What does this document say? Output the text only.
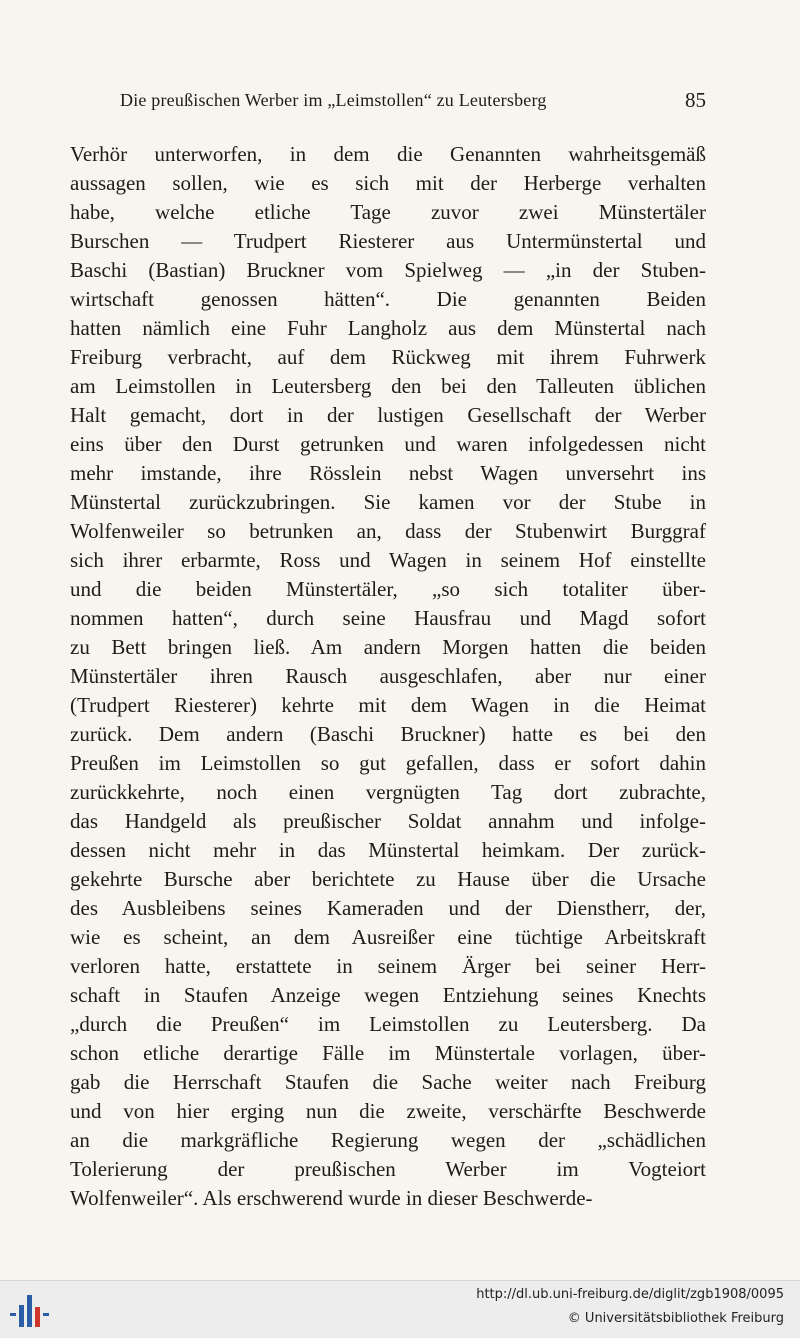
Die preußischen Werber im „Leimstollen“ zu Leutersberg	85
Verhör unterworfen, in dem die Genannten wahrheitsgemäß
aussagen sollen, wie es sich mit der Herberge verhalten
habe, welche etliche Tage zuvor zwei Münstertäler
Burschen — Trudpert Riesterer aus Untermünstertal und
Baschi (Bastian) Bruckner vom Spielweg — „in der Stuben-
wirtschaft genossen hätten“. Die genannten Beiden
hatten nämlich eine Fuhr Langholz aus dem Münstertal nach
Freiburg verbracht, auf dem Rückweg mit ihrem Fuhrwerk
am Leimstollen in Leutersberg den bei den Talleuten üblichen
Halt gemacht, dort in der lustigen Gesellschaft der Werber
eins über den Durst getrunken und waren infolgedessen nicht
mehr imstande, ihre Rösslein nebst Wagen unversehrt ins
Münstertal zurückzubringen. Sie kamen vor der Stube in
Wolfenweiler so betrunken an, dass der Stubenwirt Burggraf
sich ihrer erbarmte, Ross und Wagen in seinem Hof einstellte
und die beiden Münstertäler, „so sich totaliter über-
nommen hatten“, durch seine Hausfrau und Magd sofort
zu Bett bringen ließ. Am andern Morgen hatten die beiden
Münstertäler ihren Rausch ausgeschlafen, aber nur einer
(Trudpert Riesterer) kehrte mit dem Wagen in die Heimat
zurück. Dem andern (Baschi Bruckner) hatte es bei den
Preußen im Leimstollen so gut gefallen, dass er sofort dahin
zurückkehrte, noch einen vergnügten Tag dort zubrachte,
das Handgeld als preußischer Soldat annahm und infolge-
dessen nicht mehr in das Münstertal heimkam. Der zurück-
gekehrte Bursche aber berichtete zu Hause über die Ursache
des Ausbleibens seines Kameraden und der Dienstherr, der,
wie es scheint, an dem Ausreißer eine tüchtige Arbeitskraft
verloren hatte, erstattete in seinem Ärger bei seiner Herr-
schaft in Staufen Anzeige wegen Entziehung seines Knechts
„durch die Preußen“ im Leimstollen zu Leutersberg. Da
schon etliche derartige Fälle im Münstertale vorlagen, über-
gab die Herrschaft Staufen die Sache weiter nach Freiburg
und von hier erging nun die zweite, verschärfte Beschwerde
an die markgräfliche Regierung wegen der „schädlichen
Tolerierung der preußischen Werber im Vogteiort
Wolfenweiler“. Als erschwerend wurde in dieser Beschwerde-
http://dl.ub.uni-freiburg.de/diglit/zgb1908/0095
© Universitätsbibliothek Freiburg
